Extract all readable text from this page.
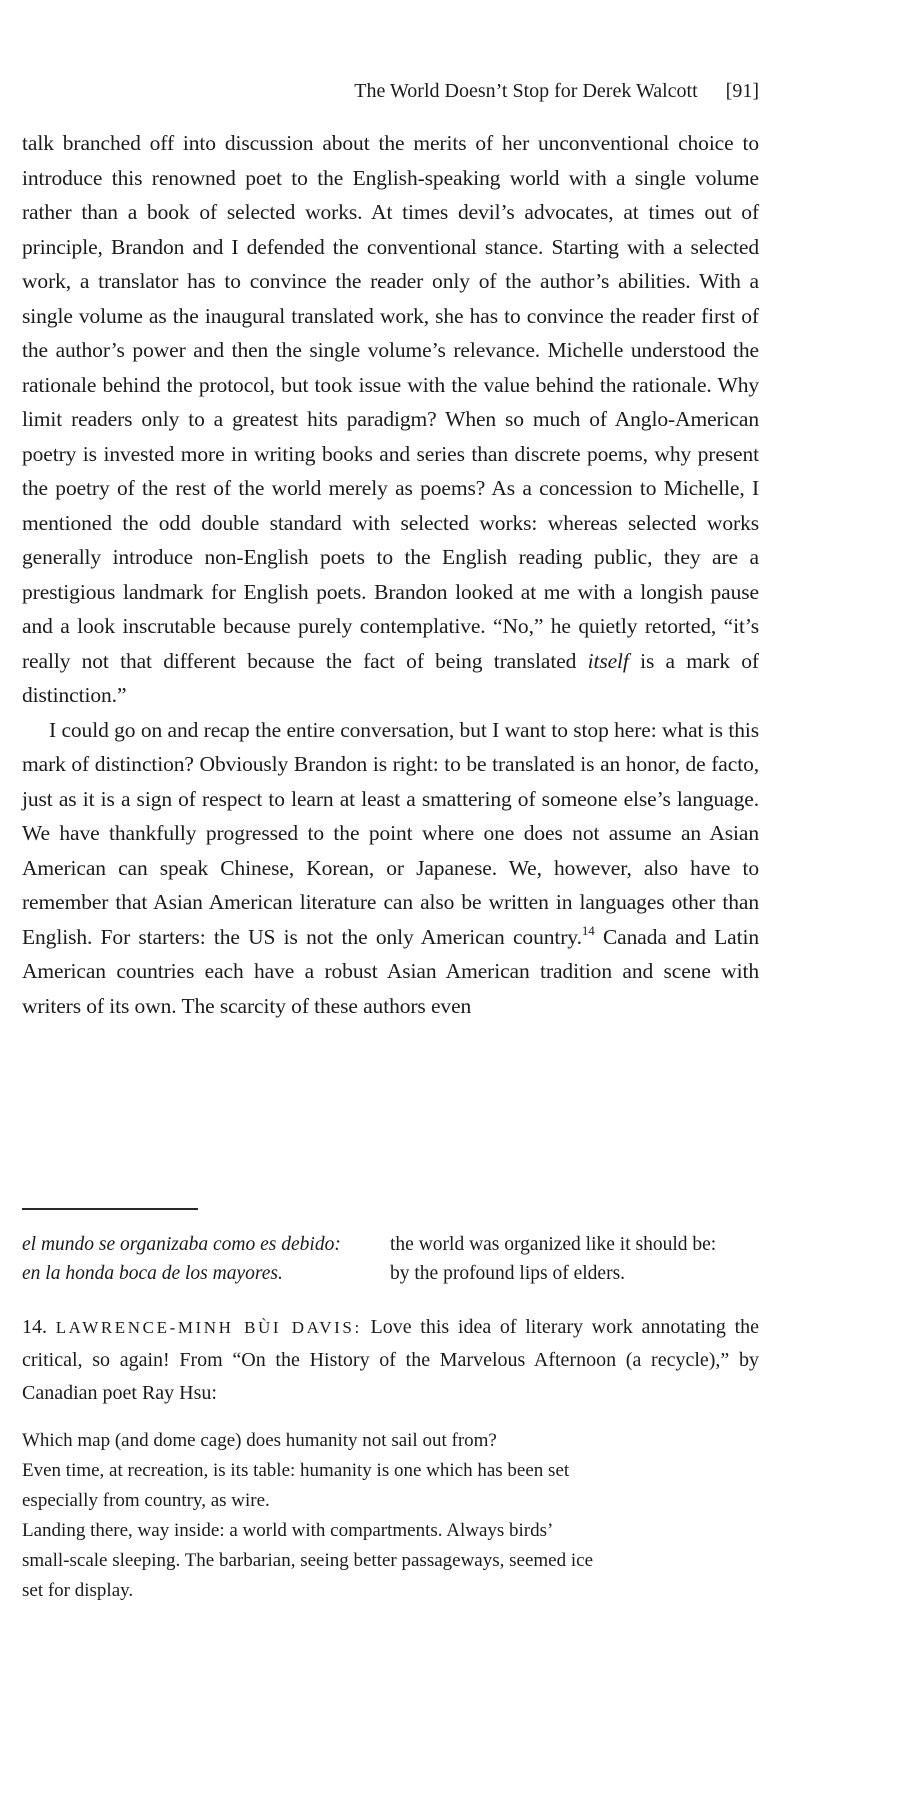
The World Doesn’t Stop for Derek Walcott [91]

talk branched off into discussion about the merits of her unconventional choice to introduce this renowned poet to the English-speaking world with a single volume rather than a book of selected works. At times devil’s advocates, at times out of principle, Brandon and I defended the conventional stance. Starting with a selected work, a translator has to convince the reader only of the author’s abilities. With a single volume as the inaugural translated work, she has to convince the reader first of the author’s power and then the single volume’s relevance. Michelle understood the rationale behind the protocol, but took issue with the value behind the rationale. Why limit readers only to a greatest hits paradigm? When so much of Anglo-American poetry is invested more in writing books and series than discrete poems, why present the poetry of the rest of the world merely as poems? As a concession to Michelle, I mentioned the odd double standard with selected works: whereas selected works generally introduce non-English poets to the English reading public, they are a prestigious landmark for English poets. Brandon looked at me with a longish pause and a look inscrutable because purely contemplative. “No,” he quietly retorted, “it’s really not that different because the fact of being translated itself is a mark of distinction.”

I could go on and recap the entire conversation, but I want to stop here: what is this mark of distinction? Obviously Brandon is right: to be translated is an honor, de facto, just as it is a sign of respect to learn at least a smattering of someone else’s language. We have thankfully progressed to the point where one does not assume an Asian American can speak Chinese, Korean, or Japanese. We, however, also have to remember that Asian American literature can also be written in languages other than English. For starters: the US is not the only American country.$^{14}$ Canada and Latin American countries each have a robust Asian American tradition and scene with writers of its own. The scarcity of these authors even

el mundo se organizaba como es debido:
en la honda boca de los mayores.
the world was organized like it should be:
by the profound lips of elders.

14. LAWRENCE-MINH BÙI DAVIS: Love this idea of literary work annotating the critical, so again! From “On the History of the Marvelous Afternoon (a recycle),” by Canadian poet Ray Hsu:

Which map (and dome cage) does humanity not sail out from?
Even time, at recreation, is its table: humanity is one which has been set
especially from country, as wire.
Landing there, way inside: a world with compartments. Always birds’
small-scale sleeping. The barbarian, seeing better passageways, seemed ice
set for display.
